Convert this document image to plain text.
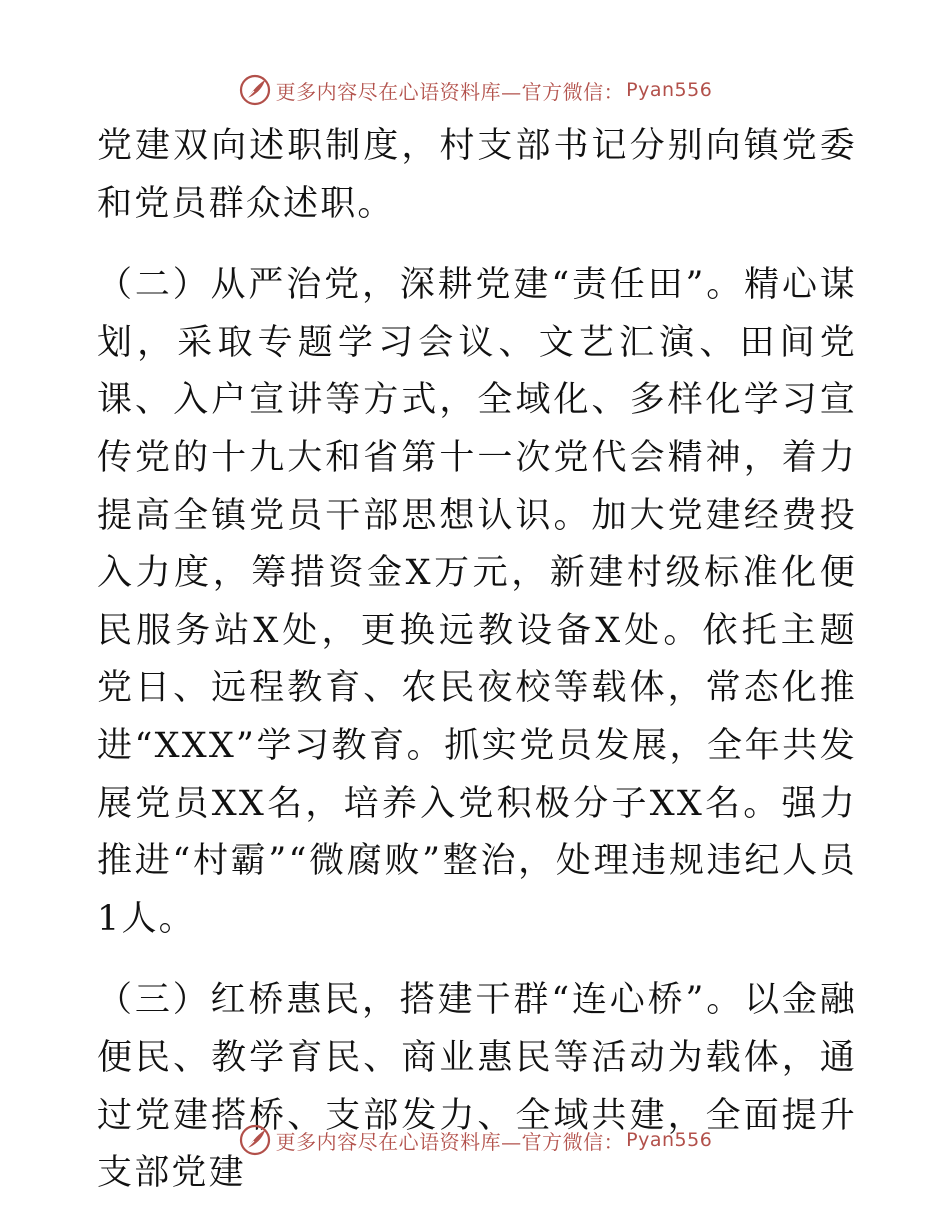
更多内容尽在心语资料库—官方微信： Pyan556

党建双向述职制度，村支部书记分别向镇党委和党员群众述职。

（二）从严治党，深耕党建“责任田”。精心谋划，采取专题学习会议、文艺汇演、田间党课、入户宣讲等方式，全域化、多样化学习宣传党的十九大和省第十一次党代会精神，着力提高全镇党员干部思想认识。加大党建经费投入力度，筹措资金X万元，新建村级标准化便民服务站X处，更换远教设备X处。依托主题党日、远程教育、农民夜校等载体，常态化推进“XXX”学习教育。抓实党员发展，全年共发展党员XX名，培养入党积极分子XX名。强力推进“村霸”“微腐败”整治，处理违规违纪人员1人。

（三）红桥惠民，搭建干群“连心桥”。以金融便民、教学育民、商业惠民等活动为载体，通过党建搭桥、支部发力、全域共建，全面提升支部党建

更多内容尽在心语资料库—官方微信： Pyan556
